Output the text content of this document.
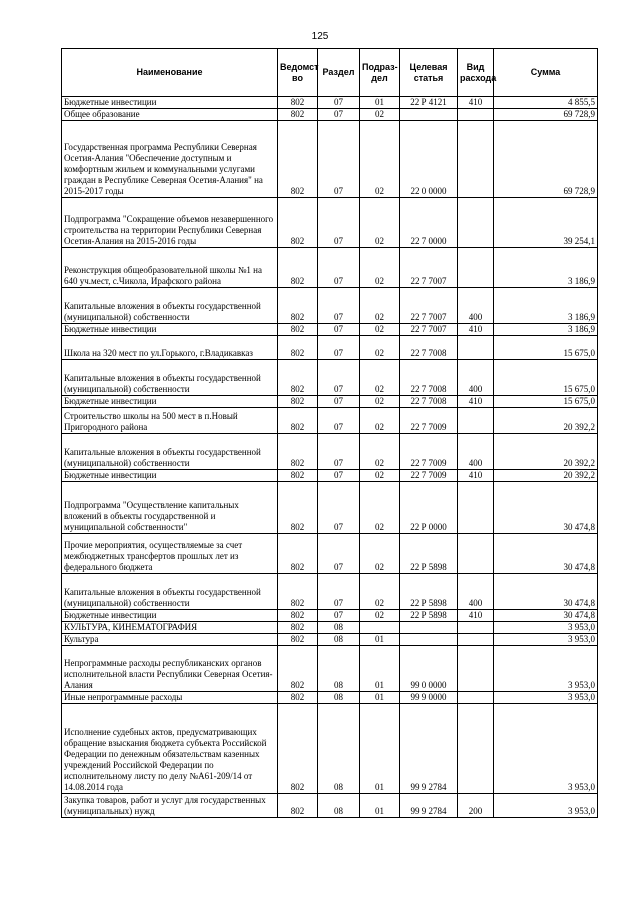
125
Наименование	Ведомст во	Раздел	Подраз- дел	Целевая статья	Вид расхода	Сумма
Бюджетные инвестиции	802	07	01	22 Р 4121	410	4 855,5
Общее образование	802	07	02			69 728,9
Государственная программа Республики Северная Осетия-Алания "Обеспечение доступным и комфортным жильем и коммунальными услугами граждан в Республике Северная Осетия-Алания" на 2015-2017 годы	802	07	02	22 0 0000		69 728,9
Подпрограмма "Сокращение объемов незавершенного строительства на территории Республики Северная Осетия-Алания на 2015-2016 годы	802	07	02	22 7 0000		39 254,1
Реконструкция общеобразовательной школы №1 на 640 уч.мест, с.Чикола, Ирафского района	802	07	02	22 7 7007		3 186,9
Капитальные вложения в объекты государственной (муниципальной) собственности	802	07	02	22 7 7007	400	3 186,9
Бюджетные инвестиции	802	07	02	22 7 7007	410	3 186,9
Школа на 320 мест по ул.Горького, г.Владикавказ	802	07	02	22 7 7008		15 675,0
Капитальные вложения в объекты государственной (муниципальной) собственности	802	07	02	22 7 7008	400	15 675,0
Бюджетные инвестиции	802	07	02	22 7 7008	410	15 675,0
Строительство школы на 500 мест в п.Новый Пригородного района	802	07	02	22 7 7009		20 392,2
Капитальные вложения в объекты государственной (муниципальной) собственности	802	07	02	22 7 7009	400	20 392,2
Бюджетные инвестиции	802	07	02	22 7 7009	410	20 392,2
Подпрограмма "Осуществление капитальных вложений в объекты государственной и муниципальной собственности"	802	07	02	22 Р 0000		30 474,8
Прочие мероприятия, осуществляемые за счет межбюджетных трансфертов прошлых лет из федерального бюджета	802	07	02	22 Р 5898		30 474,8
Капитальные вложения в объекты государственной (муниципальной) собственности	802	07	02	22 Р 5898	400	30 474,8
Бюджетные инвестиции	802	07	02	22 Р 5898	410	30 474,8
КУЛЬТУРА, КИНЕМАТОГРАФИЯ	802	08				3 953,0
Культура	802	08	01			3 953,0
Непрограммные расходы республиканских органов исполнительной власти Республики Северная Осетия-Алания	802	08	01	99 0 0000		3 953,0
Иные непрограммные расходы	802	08	01	99 9 0000		3 953,0
Исполнение судебных актов, предусматривающих обращение взыскания бюджета субъекта Российской Федерации по денежным обязательствам казенных учреждений Российской Федерации по исполнительному листу по делу №А61-209/14 от 14.08.2014 года	802	08	01	99 9 2784		3 953,0
Закупка товаров, работ и услуг для государственных (муниципальных) нужд	802	08	01	99 9 2784	200	3 953,0
